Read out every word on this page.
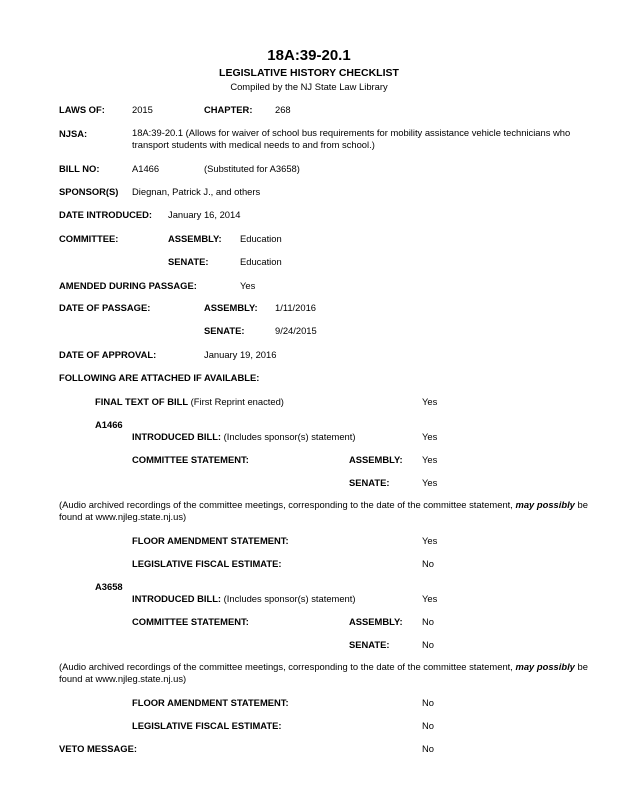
18A:39-20.1
LEGISLATIVE HISTORY CHECKLIST
Compiled by the NJ State Law Library
LAWS OF:	2015	CHAPTER: 268
NJSA:	18A:39-20.1 (Allows for waiver of school bus requirements for mobility assistance vehicle technicians who transport students with medical needs to and from school.)
BILL NO:	A1466	(Substituted for A3658)
SPONSOR(S) Diegnan, Patrick J., and others
DATE INTRODUCED: January 16, 2014
COMMITTEE:	ASSEMBLY: Education
SENATE:	Education
AMENDED DURING PASSAGE:	Yes
DATE OF PASSAGE:	ASSEMBLY: 1/11/2016
SENATE:	9/24/2015
DATE OF APPROVAL:	January 19, 2016
FOLLOWING ARE ATTACHED IF AVAILABLE:
FINAL TEXT OF BILL (First Reprint enacted)	Yes
A1466
INTRODUCED BILL: (Includes sponsor(s) statement)	Yes
COMMITTEE STATEMENT:	ASSEMBLY: Yes
SENATE:	Yes
(Audio archived recordings of the committee meetings, corresponding to the date of the committee statement, may possibly be found at www.njleg.state.nj.us)
FLOOR AMENDMENT STATEMENT:	Yes
LEGISLATIVE FISCAL ESTIMATE:	No
A3658
INTRODUCED BILL: (Includes sponsor(s) statement)	Yes
COMMITTEE STATEMENT:	ASSEMBLY: No
SENATE:	No
(Audio archived recordings of the committee meetings, corresponding to the date of the committee statement, may possibly be found at www.njleg.state.nj.us)
FLOOR AMENDMENT STATEMENT:	No
LEGISLATIVE FISCAL ESTIMATE:	No
VETO MESSAGE:	No
